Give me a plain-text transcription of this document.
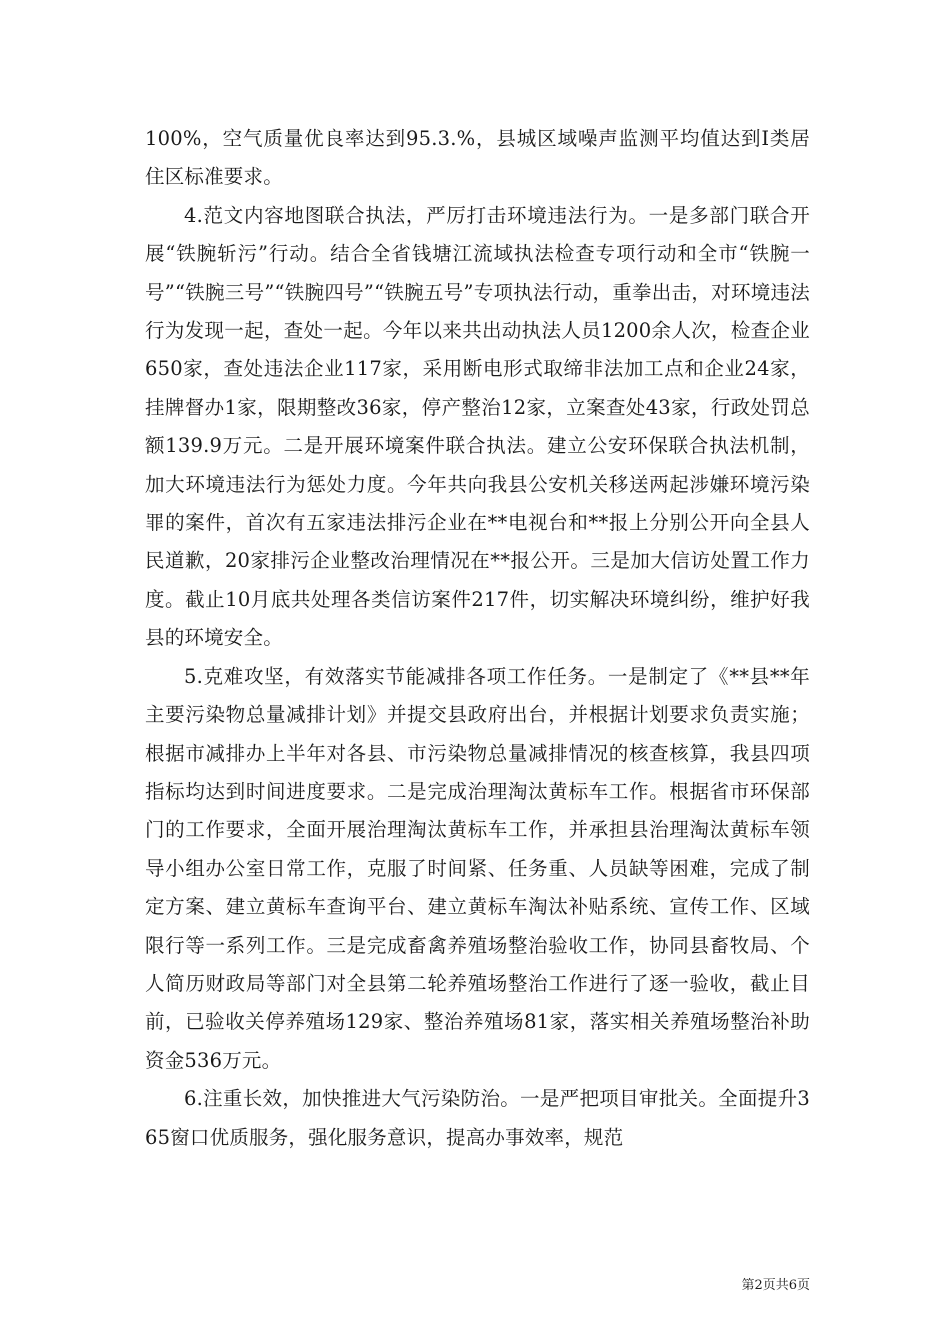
100%，空气质量优良率达到95.3.%，县城区域噪声监测平均值达到Ⅰ类居住区标准要求。

4.范文内容地图联合执法，严厉打击环境违法行为。一是多部门联合开展“铁腕斩污”行动。结合全省钱塘江流域执法检查专项行动和全市“铁腕一号”“铁腕三号”“铁腕四号”“铁腕五号”专项执法行动，重拳出击，对环境违法行为发现一起，查处一起。今年以来共出动执法人员1200余人次，检查企业650家，查处违法企业117家，采用断电形式取缔非法加工点和企业24家，挂牌督办1家，限期整改36家，停产整治12家，立案查处43家，行政处罚总额139.9万元。二是开展环境案件联合执法。建立公安环保联合执法机制，加大环境违法行为惩处力度。今年共向我县公安机关移送两起涉嫌环境污染罪的案件，首次有五家违法排污企业在**电视台和**报上分别公开向全县人民道歉，20家排污企业整改治理情况在**报公开。三是加大信访处置工作力度。截止10月底共处理各类信访案件217件，切实解决环境纠纷，维护好我县的环境安全。

5.克难攻坚，有效落实节能减排各项工作任务。一是制定了《**县**年主要污染物总量减排计划》并提交县政府出台，并根据计划要求负责实施；根据市减排办上半年对各县、市污染物总量减排情况的核查核算，我县四项指标均达到时间进度要求。二是完成治理淘汰黄标车工作。根据省市环保部门的工作要求，全面开展治理淘汰黄标车工作，并承担县治理淘汰黄标车领导小组办公室日常工作，克服了时间紧、任务重、人员缺等困难，完成了制定方案、建立黄标车查询平台、建立黄标车淘汰补贴系统、宣传工作、区域限行等一系列工作。三是完成畜禽养殖场整治验收工作，协同县畜牧局、个人简历财政局等部门对全县第二轮养殖场整治工作进行了逐一验收，截止目前，已验收关停养殖场129家、整治养殖场81家，落实相关养殖场整治补助资金536万元。

6.注重长效，加快推进大气污染防治。一是严把项目审批关。全面提升365窗口优质服务，强化服务意识，提高办事效率，规范

第2页共6页
